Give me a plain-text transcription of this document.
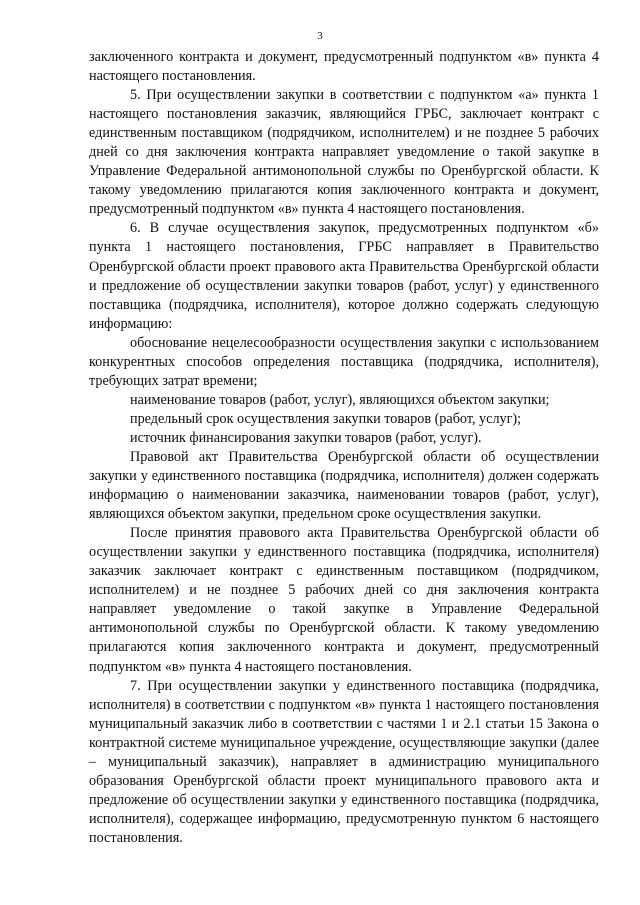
3

заключенного контракта и документ, предусмотренный подпунктом «в» пункта 4 настоящего постановления.

5. При осуществлении закупки в соответствии с подпунктом «а» пункта 1 настоящего постановления заказчик, являющийся ГРБС, заключает контракт с единственным поставщиком (подрядчиком, исполнителем) и не позднее 5 рабочих дней со дня заключения контракта направляет уведомление о такой закупке в Управление Федеральной антимонопольной службы по Оренбургской области. К такому уведомлению прилагаются копия заключенного контракта и документ, предусмотренный подпунктом «в» пункта 4 настоящего постановления.

6. В случае осуществления закупок, предусмотренных подпунктом «б» пункта 1 настоящего постановления, ГРБС направляет в Правительство Оренбургской области проект правового акта Правительства Оренбургской области и предложение об осуществлении закупки товаров (работ, услуг) у единственного поставщика (подрядчика, исполнителя), которое должно содержать следующую информацию:

обоснование нецелесообразности осуществления закупки с использованием конкурентных способов определения поставщика (подрядчика, исполнителя), требующих затрат времени;

наименование товаров (работ, услуг), являющихся объектом закупки;

предельный срок осуществления закупки товаров (работ, услуг);

источник финансирования закупки товаров (работ, услуг).

Правовой акт Правительства Оренбургской области об осуществлении закупки у единственного поставщика (подрядчика, исполнителя) должен содержать информацию о наименовании заказчика, наименовании товаров (работ, услуг), являющихся объектом закупки, предельном сроке осуществления закупки.

После принятия правового акта Правительства Оренбургской области об осуществлении закупки у единственного поставщика (подрядчика, исполнителя) заказчик заключает контракт с единственным поставщиком (подрядчиком, исполнителем) и не позднее 5 рабочих дней со дня заключения контракта направляет уведомление о такой закупке в Управление Федеральной антимонопольной службы по Оренбургской области. К такому уведомлению прилагаются копия заключенного контракта и документ, предусмотренный подпунктом «в» пункта 4 настоящего постановления.

7. При осуществлении закупки у единственного поставщика (подрядчика, исполнителя) в соответствии с подпунктом «в» пункта 1 настоящего постановления муниципальный заказчик либо в соответствии с частями 1 и 2.1 статьи 15 Закона о контрактной системе муниципальное учреждение, осуществляющие закупки (далее – муниципальный заказчик), направляет в администрацию муниципального образования Оренбургской области проект муниципального правового акта и предложение об осуществлении закупки у единственного поставщика (подрядчика, исполнителя), содержащее информацию, предусмотренную пунктом 6 настоящего постановления.
